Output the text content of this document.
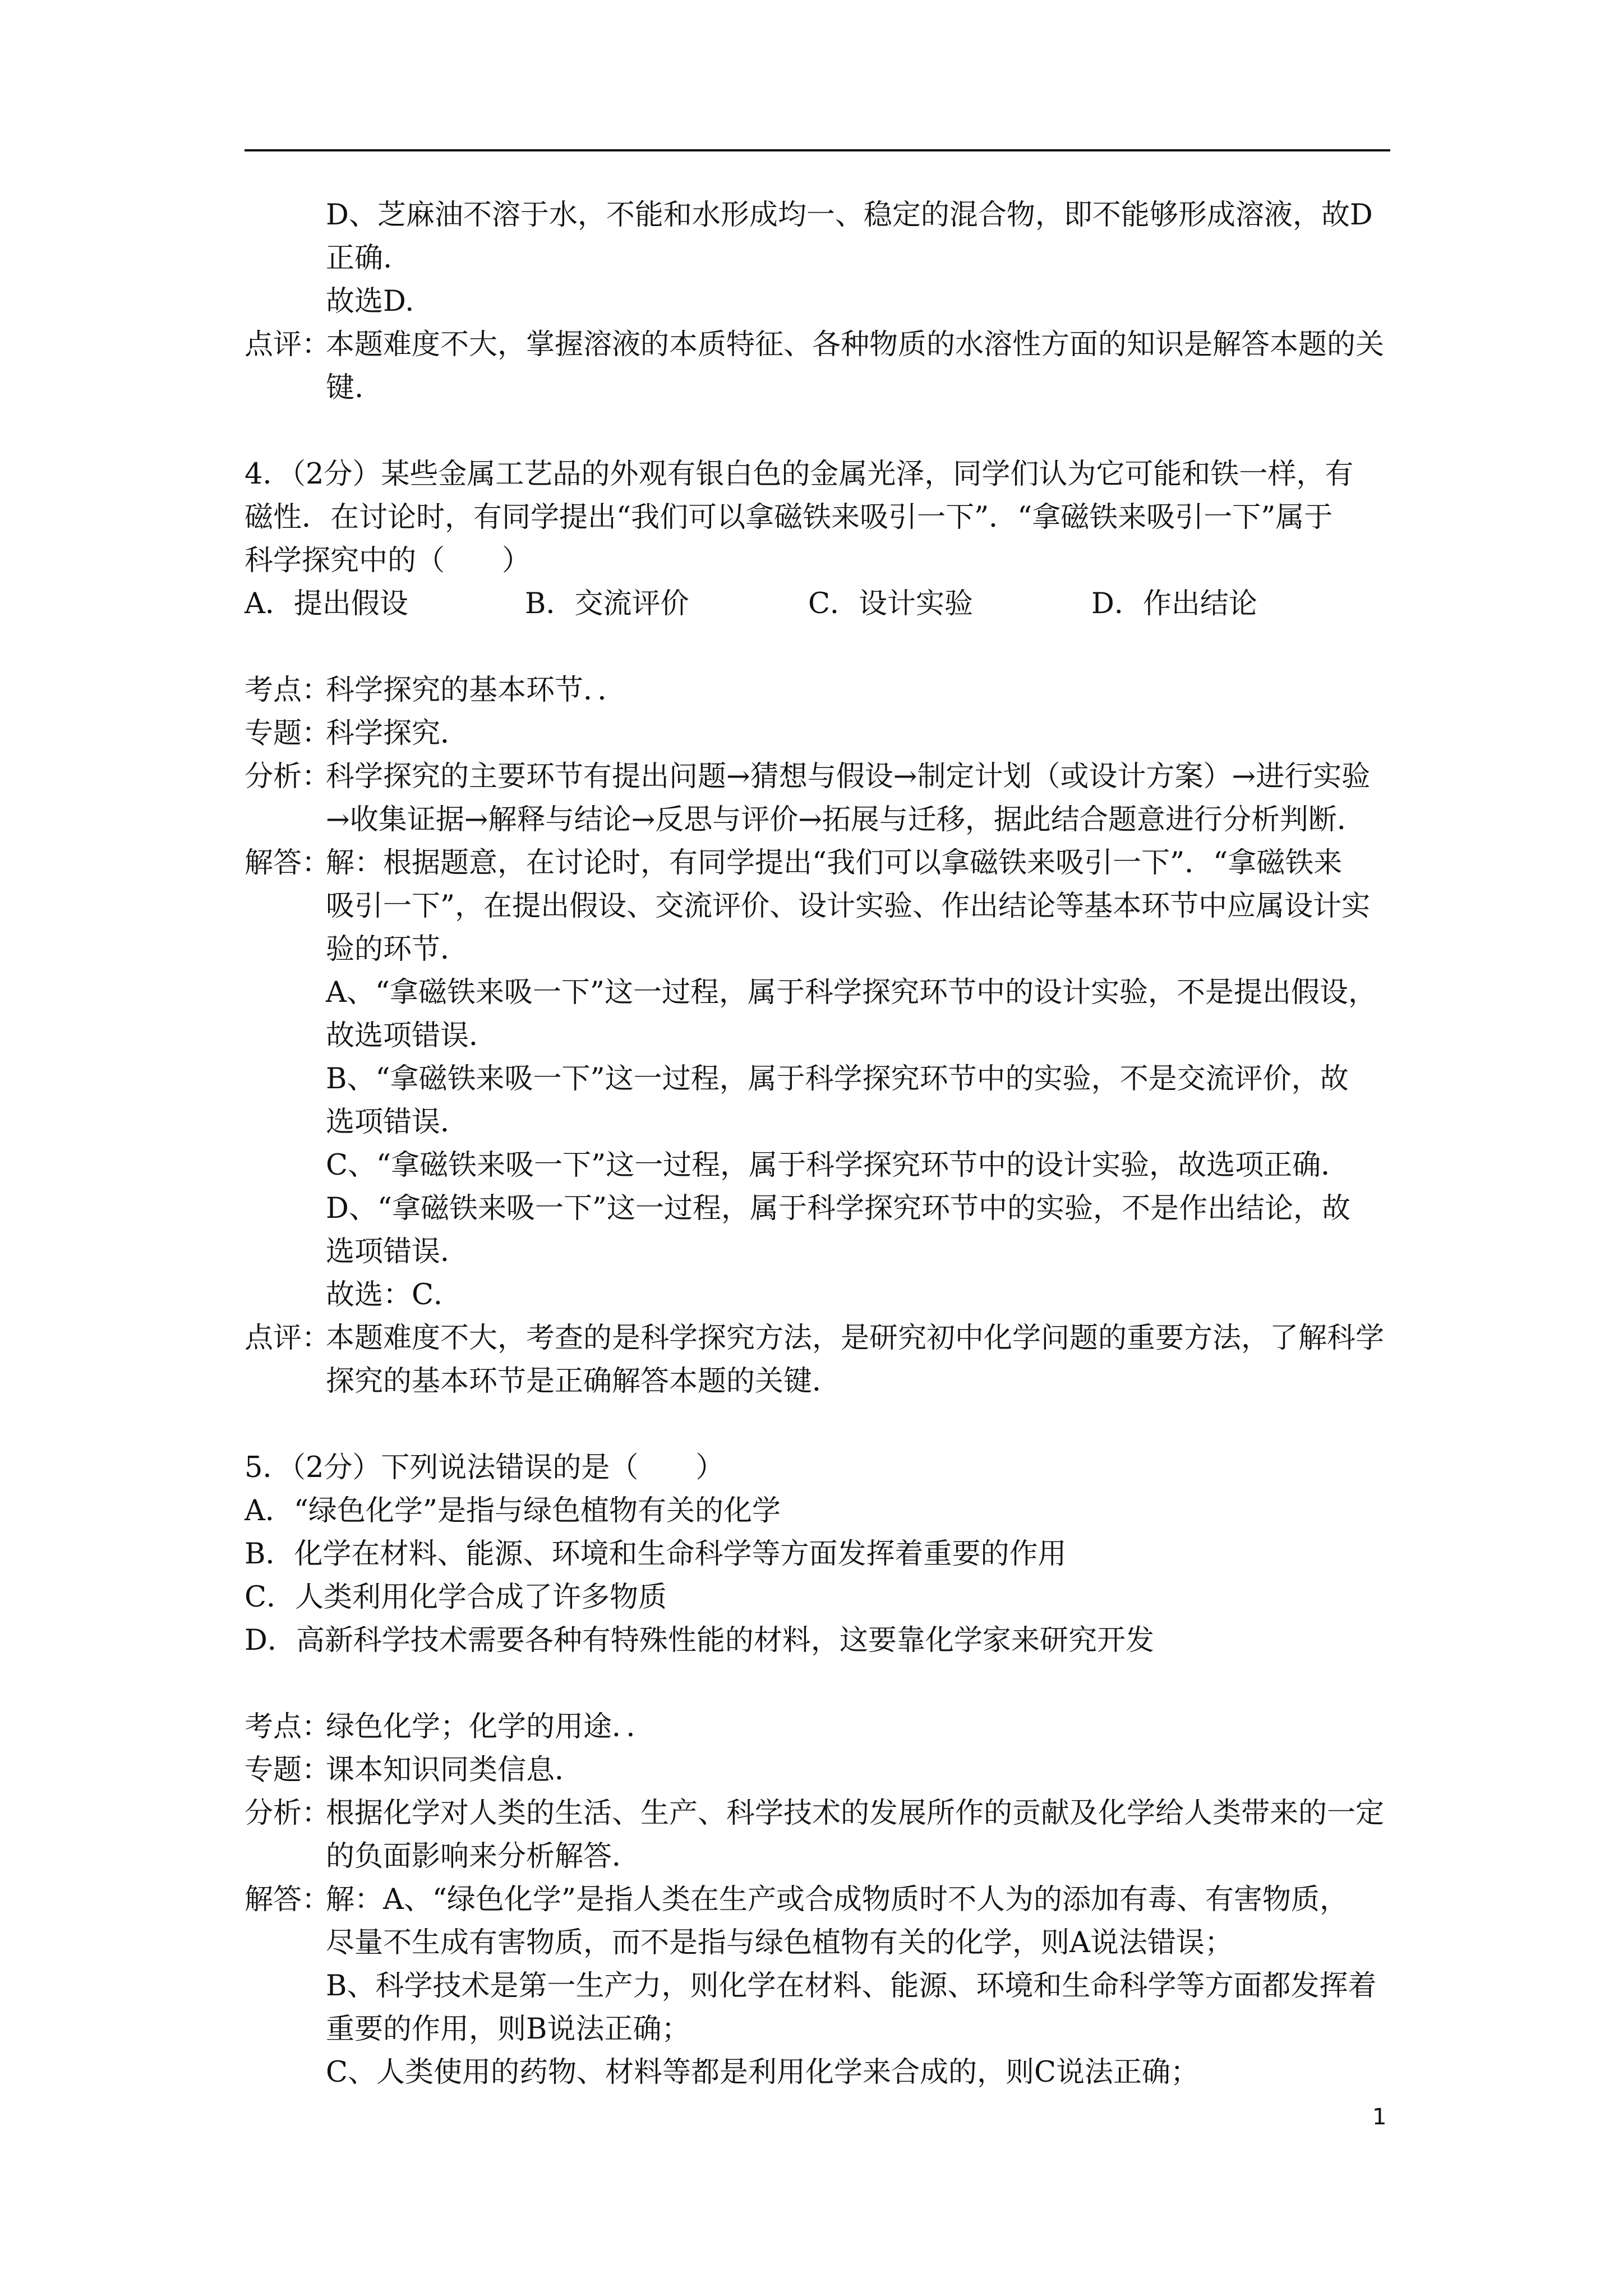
D、芝麻油不溶于水，不能和水形成均一、稳定的混合物，即不能够形成溶液，故D
正确.
故选D.
点评：本题难度不大，掌握溶液的本质特征、各种物质的水溶性方面的知识是解答本题的关
键.
4．（2分）某些金属工艺品的外观有银白色的金属光泽，同学们认为它可能和铁一样，有
磁性．在讨论时，有同学提出“我们可以拿磁铁来吸引一下”．“拿磁铁来吸引一下”属于
科学探究中的（　　）
A．提出假设	B．交流评价	C．设计实验	D．作出结论
考点：科学探究的基本环节．．
专题：科学探究．
分析：科学探究的主要环节有提出问题→猜想与假设→制定计划（或设计方案）→进行实验
→收集证据→解释与结论→反思与评价→拓展与迁移，据此结合题意进行分析判断．
解答：解：根据题意，在讨论时，有同学提出“我们可以拿磁铁来吸引一下”．“拿磁铁来
吸引一下”，在提出假设、交流评价、设计实验、作出结论等基本环节中应属设计实
验的环节．
A、“拿磁铁来吸一下”这一过程，属于科学探究环节中的设计实验，不是提出假设，
故选项错误．
B、“拿磁铁来吸一下”这一过程，属于科学探究环节中的实验，不是交流评价，故
选项错误．
C、“拿磁铁来吸一下”这一过程，属于科学探究环节中的设计实验，故选项正确．
D、“拿磁铁来吸一下”这一过程，属于科学探究环节中的实验，不是作出结论，故
选项错误．
故选：C．
点评：本题难度不大，考查的是科学探究方法，是研究初中化学问题的重要方法，了解科学
探究的基本环节是正确解答本题的关键．
5．（2分）下列说法错误的是（　　）
A．“绿色化学”是指与绿色植物有关的化学
B．化学在材料、能源、环境和生命科学等方面发挥着重要的作用
C．人类利用化学合成了许多物质
D．高新科学技术需要各种有特殊性能的材料，这要靠化学家来研究开发
考点：绿色化学；化学的用途．．
专题：课本知识同类信息．
分析：根据化学对人类的生活、生产、科学技术的发展所作的贡献及化学给人类带来的一定
的负面影响来分析解答．
解答：解：A、“绿色化学”是指人类在生产或合成物质时不人为的添加有毒、有害物质，
尽量不生成有害物质，而不是指与绿色植物有关的化学，则A说法错误；
B、科学技术是第一生产力，则化学在材料、能源、环境和生命科学等方面都发挥着
重要的作用，则B说法正确；
C、人类使用的药物、材料等都是利用化学来合成的，则C说法正确；
1
